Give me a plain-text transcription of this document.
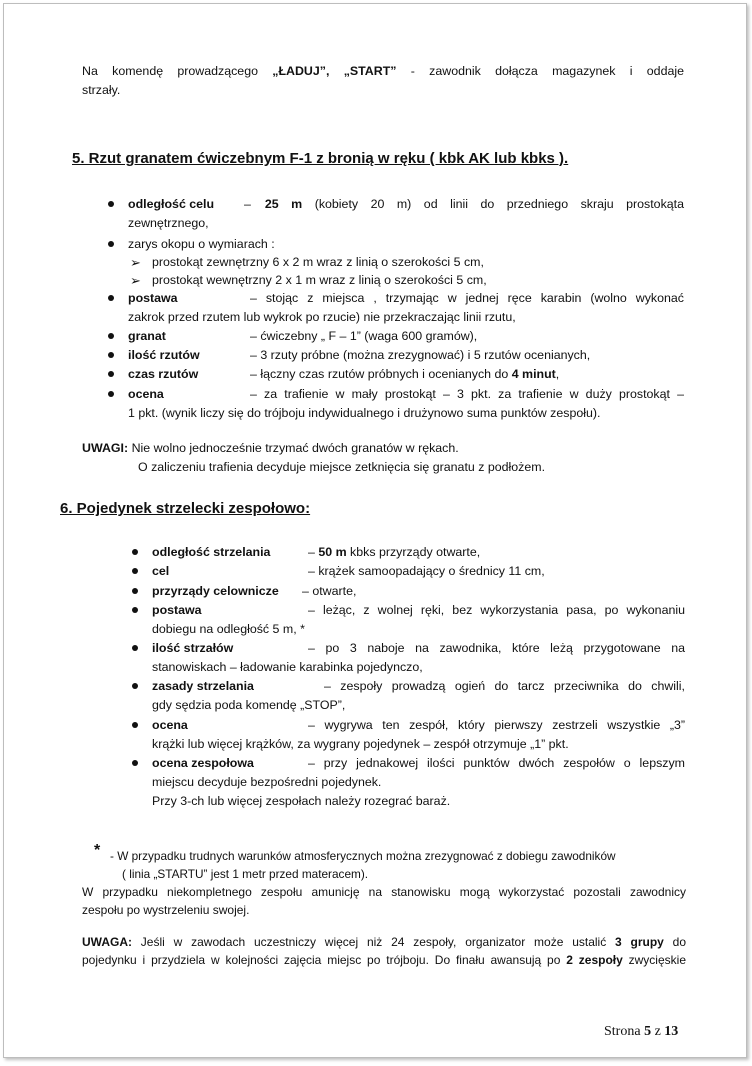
Na komendę prowadzącego „ŁADUJ”, „START” - zawodnik dołącza magazynek i oddaje
strzały.
5. Rzut granatem ćwiczebnym F-1 z bronią w ręku ( kbk AK lub kbks ).
odległość celu – 25 m (kobiety 20 m) od linii do przedniego skraju prostokąta
zewnętrznego,
zarys okopu o wymiarach :
➢ prostokąt zewnętrzny 6 x 2 m wraz z linią o szerokości 5 cm,
➢ prostokąt wewnętrzny 2 x 1 m wraz z linią o szerokości 5 cm,
postawa	– stojąc z miejsca , trzymając w jednej ręce karabin (wolno wykonać
zakrok przed rzutem lub wykrok po rzucie) nie przekraczając linii rzutu,
granat	– ćwiczebny „ F – 1” (waga 600 gramów),
ilość rzutów	– 3 rzuty próbne (można zrezygnować) i 5 rzutów ocenianych,
czas rzutów	– łączny czas rzutów próbnych i ocenianych do 4 minut,
ocena	– za trafienie w mały prostokąt – 3 pkt. za trafienie w duży prostokąt –
1 pkt. (wynik liczy się do trójboju indywidualnego i drużynowo suma punktów zespołu).
UWAGI: Nie wolno jednocześnie trzymać dwóch granatów w rękach.
O zaliczeniu trafienia decyduje miejsce zetknięcia się granatu z podłożem.
6. Pojedynek strzelecki zespołowo:
odległość strzelania	– 50 m kbks przyrządy otwarte,
cel	– krążek samoopadający o średnicy 11 cm,
przyrządy celownicze – otwarte,
postawa	– leżąc, z wolnej ręki, bez wykorzystania pasa, po wykonaniu
dobiegu na odległość 5 m, *
ilość strzałów	– po 3 naboje na zawodnika, które leżą przygotowane na
stanowiskach – ładowanie karabinka pojedynczo,
zasady strzelania	– zespoły prowadzą ogień do tarcz przeciwnika do chwili,
gdy sędzia poda komendę „STOP”,
ocena	– wygrywa ten zespół, który pierwszy zestrzeli wszystkie „3”
krążki lub więcej krążków, za wygrany pojedynek – zespół otrzymuje „1” pkt.
ocena zespołowa	– przy jednakowej ilości punktów dwóch zespołów o lepszym
miejscu decyduje bezpośredni pojedynek.
Przy 3-ch lub więcej zespołach należy rozegrać baraż.
* - W przypadku trudnych warunków atmosferycznych można zrezygnować z dobiegu zawodników
( linia „STARTU” jest 1 metr przed materacem).
W przypadku niekompletnego zespołu amunicję na stanowisku mogą wykorzystać pozostali zawodnicy
zespołu po wystrzeleniu swojej.
UWAGA: Jeśli w zawodach uczestniczy więcej niż 24 zespoły, organizator może ustalić 3 grupy do
pojedynku i przydziela w kolejności zajęcia miejsc po trójboju. Do finału awansują po 2 zespoły zwycięskie
Strona 5 z 13
